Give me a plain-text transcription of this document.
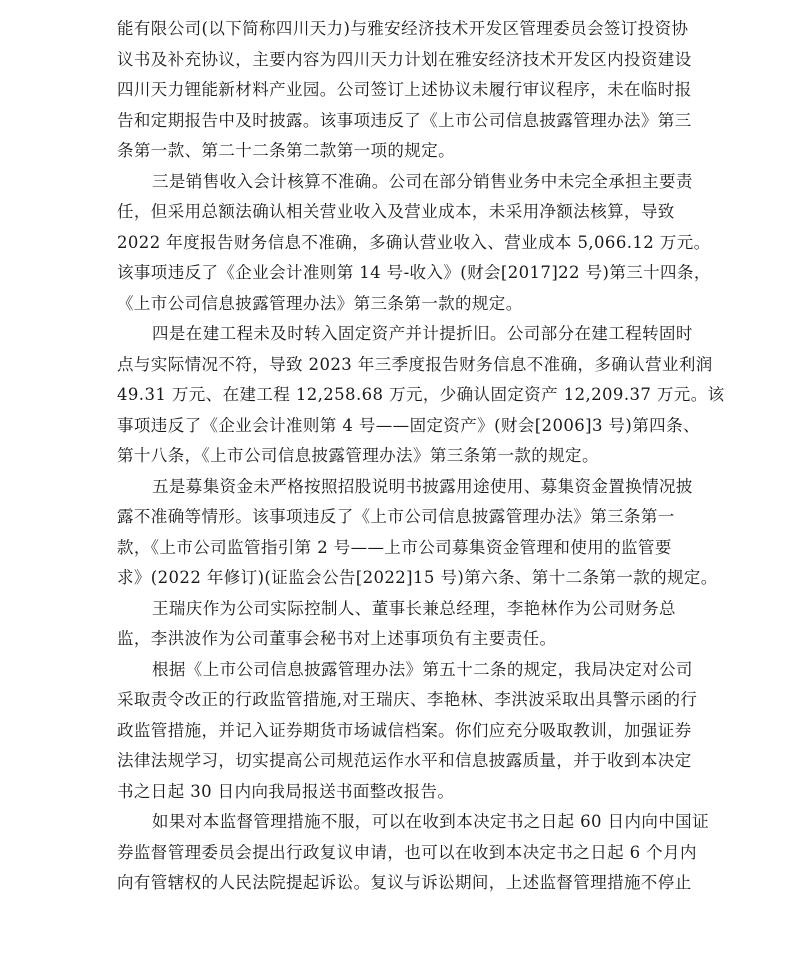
能有限公司(以下简称四川天力)与雅安经济技术开发区管理委员会签订投资协
议书及补充协议，主要内容为四川天力计划在雅安经济技术开发区内投资建设
四川天力锂能新材料产业园。公司签订上述协议未履行审议程序，未在临时报
告和定期报告中及时披露。该事项违反了《上市公司信息披露管理办法》第三
条第一款、第二十二条第二款第一项的规定。
三是销售收入会计核算不准确。公司在部分销售业务中未完全承担主要责
任，但采用总额法确认相关营业收入及营业成本，未采用净额法核算，导致
2022 年度报告财务信息不准确，多确认营业收入、营业成本 5,066.12 万元。
该事项违反了《企业会计准则第 14 号-收入》(财会[2017]22 号)第三十四条，
《上市公司信息披露管理办法》第三条第一款的规定。
四是在建工程未及时转入固定资产并计提折旧。公司部分在建工程转固时
点与实际情况不符，导致 2023 年三季度报告财务信息不准确，多确认营业利润
49.31 万元、在建工程 12,258.68 万元，少确认固定资产 12,209.37 万元。该
事项违反了《企业会计准则第 4 号——固定资产》(财会[2006]3 号)第四条、
第十八条，《上市公司信息披露管理办法》第三条第一款的规定。
五是募集资金未严格按照招股说明书披露用途使用、募集资金置换情况披
露不准确等情形。该事项违反了《上市公司信息披露管理办法》第三条第一
款，《上市公司监管指引第 2 号——上市公司募集资金管理和使用的监管要
求》(2022 年修订)(证监会公告[2022]15 号)第六条、第十二条第一款的规定。
王瑞庆作为公司实际控制人、董事长兼总经理，李艳林作为公司财务总
监，李洪波作为公司董事会秘书对上述事项负有主要责任。
根据《上市公司信息披露管理办法》第五十二条的规定，我局决定对公司
采取责令改正的行政监管措施,对王瑞庆、李艳林、李洪波采取出具警示函的行
政监管措施，并记入证券期货市场诚信档案。你们应充分吸取教训，加强证券
法律法规学习，切实提高公司规范运作水平和信息披露质量，并于收到本决定
书之日起 30 日内向我局报送书面整改报告。
如果对本监督管理措施不服，可以在收到本决定书之日起 60 日内向中国证
券监督管理委员会提出行政复议申请，也可以在收到本决定书之日起 6 个月内
向有管辖权的人民法院提起诉讼。复议与诉讼期间，上述监督管理措施不停止
